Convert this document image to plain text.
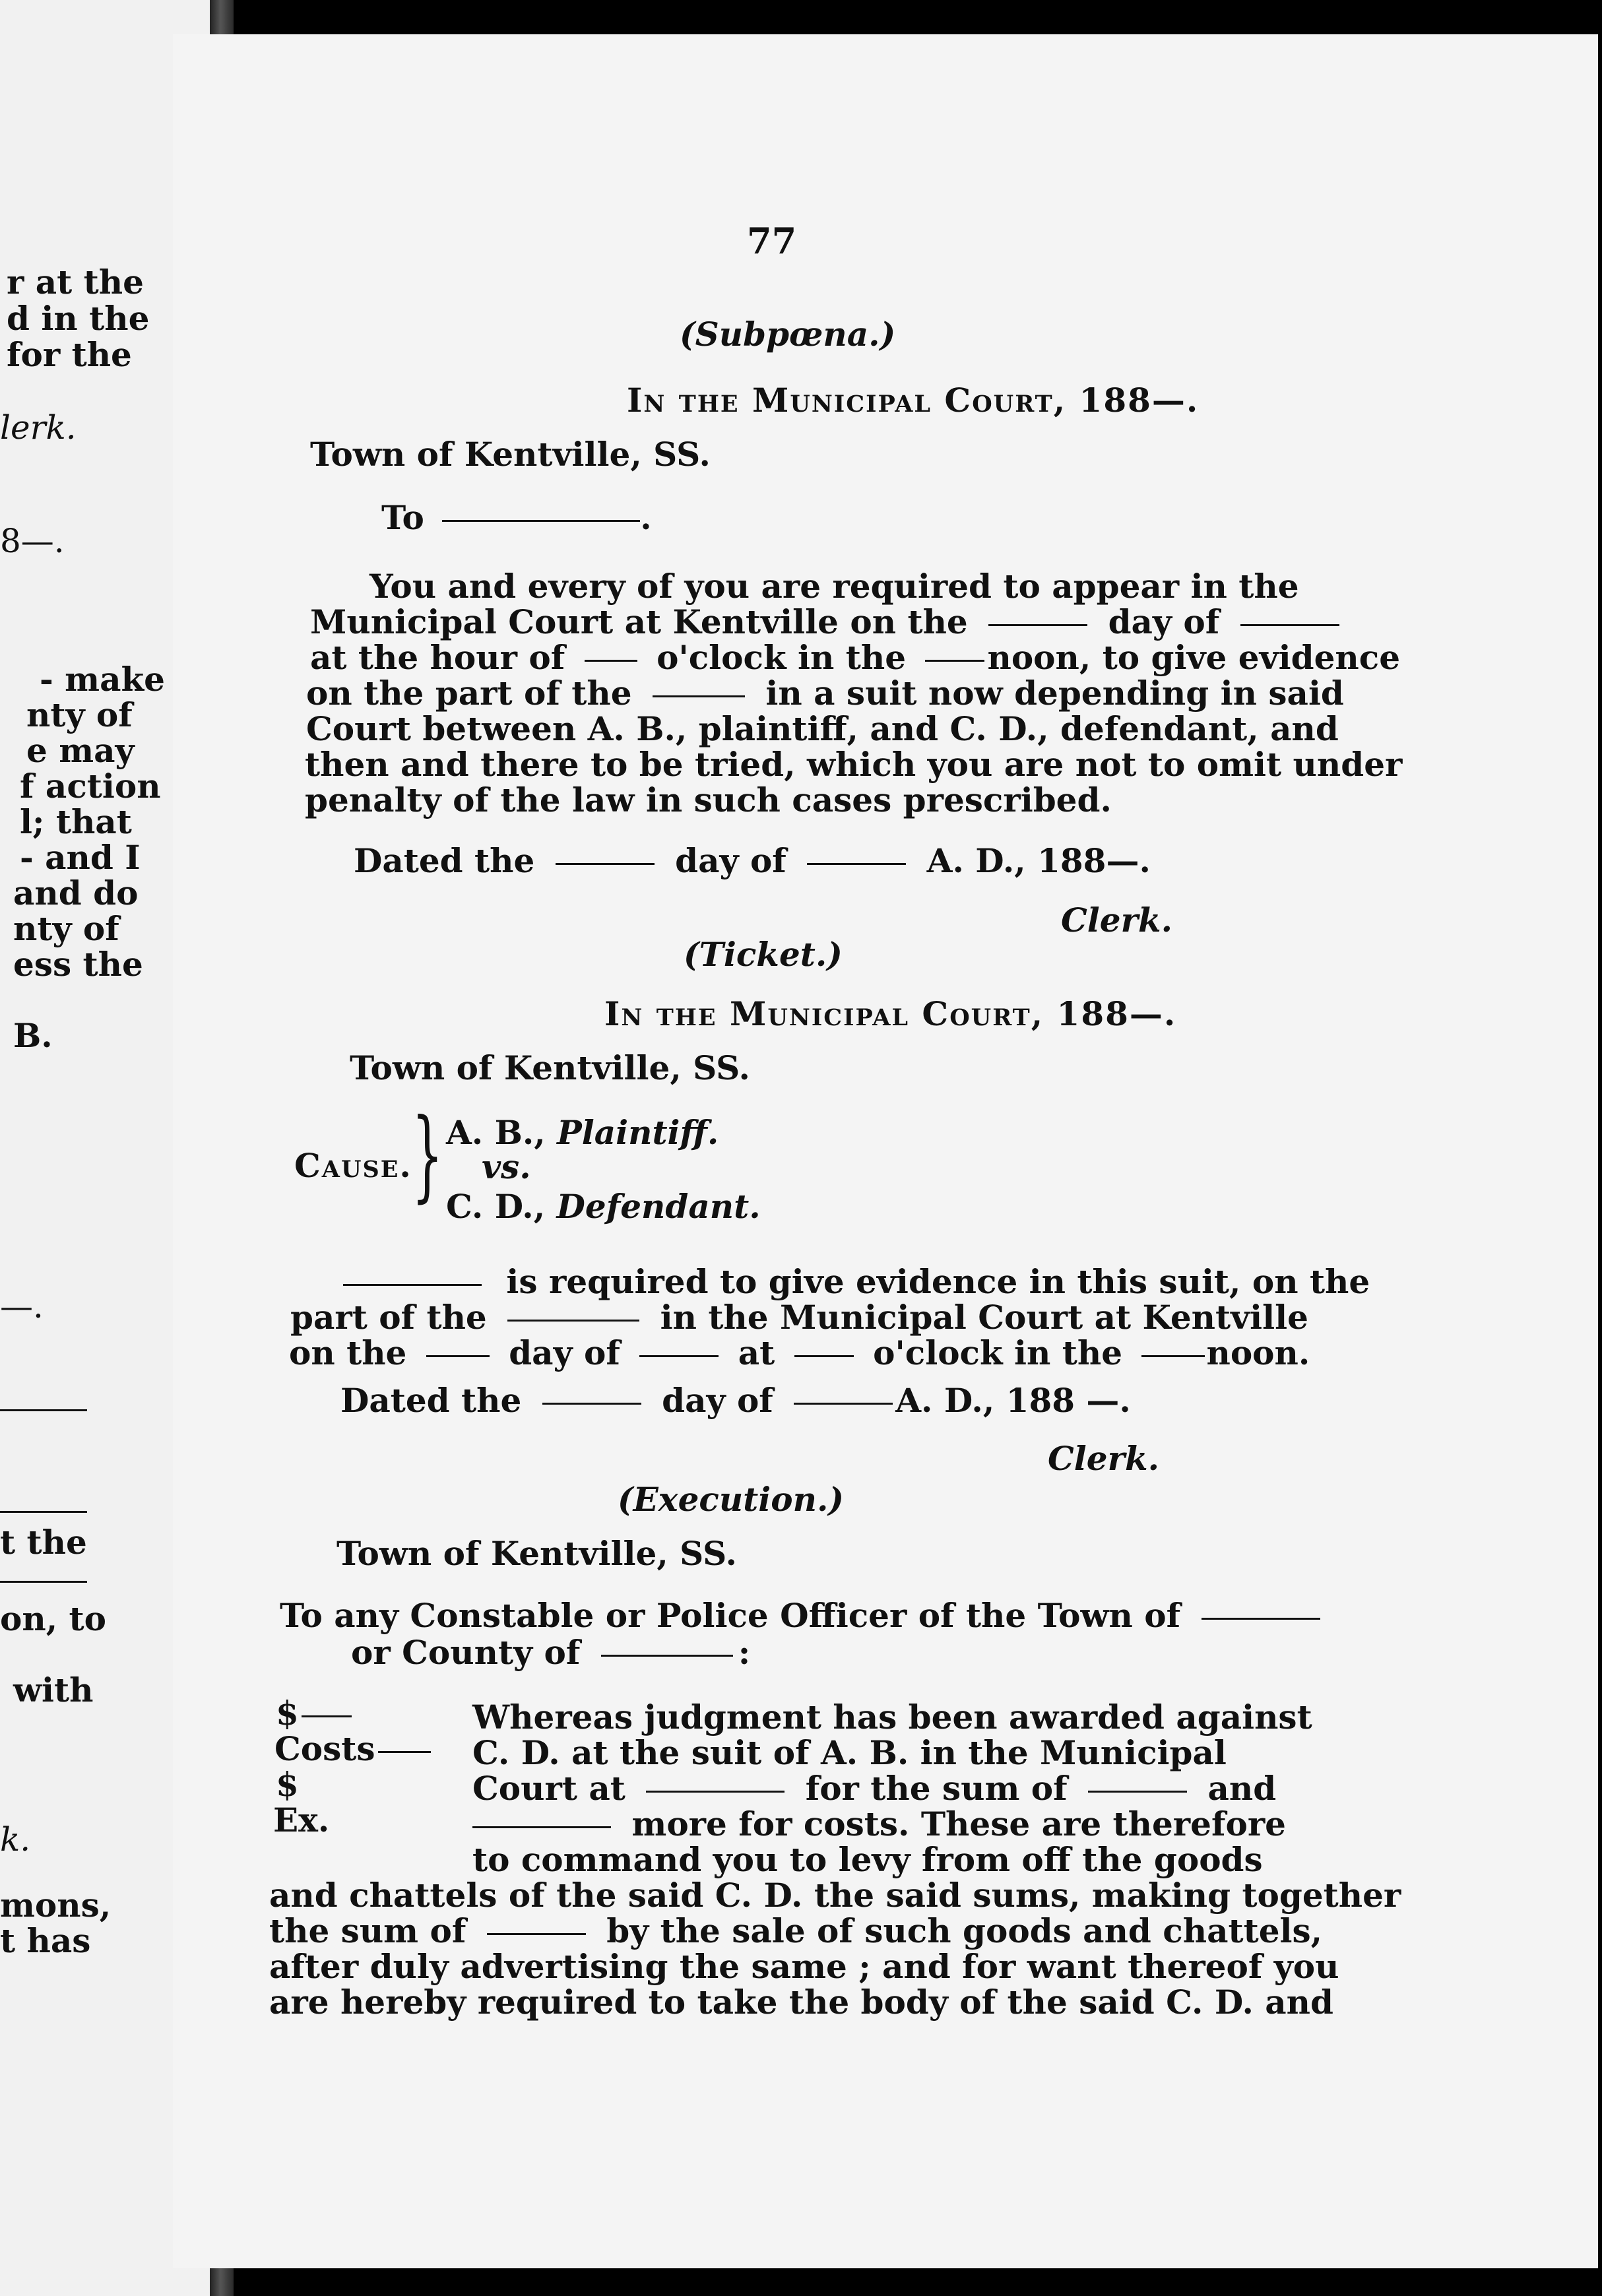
r at the
d in the
for the
lerk.
8—.
- make
nty of
e may
f action
l; that
- and I
and do
nty of
ess the
B.
—.
t the
on, to
with
k.
mons,
t has
77
(Subpœna.)
In the Municipal Court, 188—.
Town of Kentville, SS.
To	.
You and every of you are required to appear in the
Municipal Court at Kentville on the	day of
at the hour of	o'clock in the noon, to give evidence
on the part of the	in a suit now depending in said
Court between A. B., plaintiff, and C. D., defendant, and
then and there to be tried, which you are not to omit under
penalty of the law in such cases prescribed.
Dated the	day of	A. D., 188—.
Clerk.
(Ticket.)
In the Municipal Court, 188—.
Town of Kentville, SS.
Cause. } A. B., Plaintiff.
vs.
C. D., Defendant.
is required to give evidence in this suit, on the
part of the	in the Municipal Court at Kentville
on the	day of	at	o'clock in the	noon.
Dated the	day of	A. D., 188 —.
Clerk.
(Execution.)
Town of Kentville, SS.
To any Constable or Police Officer of the Town of
or County of	:
$
Costs
$
Ex.
Whereas judgment has been awarded against
C. D. at the suit of A. B. in the Municipal
Court at	for the sum of	and
more for costs. These are therefore
to command you to levy from off the goods
and chattels of the said C. D. the said sums, making together
the sum of	by the sale of such goods and chattels,
after duly advertising the same ; and for want thereof you
are hereby required to take the body of the said C. D. and
